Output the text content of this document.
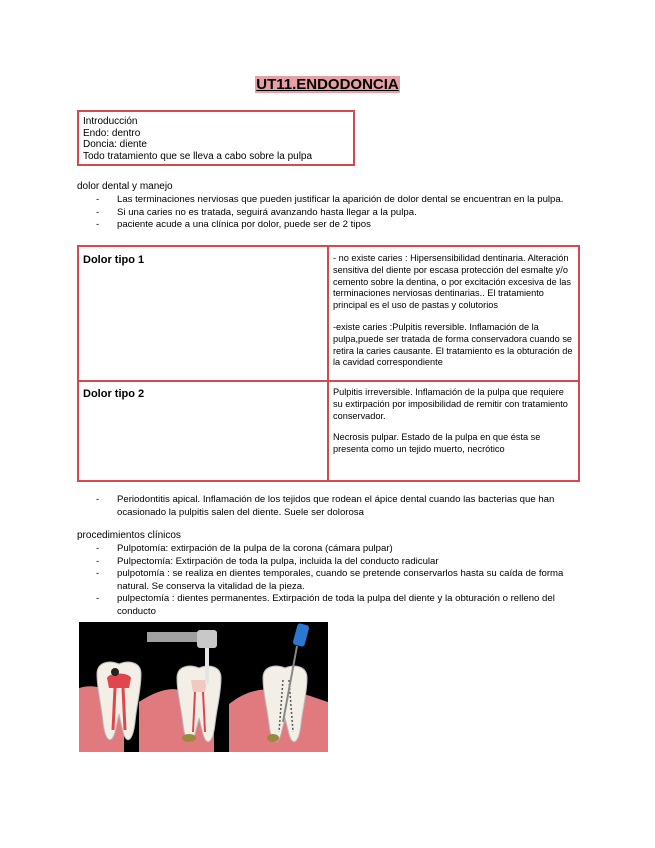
UT11.ENDODONCIA
Introducción
Endo: dentro
Doncia: diente
Todo tratamiento que se lleva a cabo sobre la pulpa
dolor dental y manejo
- Las terminaciones nerviosas que pueden justificar la aparición de dolor dental se encuentran en la pulpa.
- Si una caries no es tratada, seguirá avanzando hasta llegar a la pulpa.
- paciente acude a una clínica por dolor, puede ser de 2 tipos
Dolor tipo 1	- no existe caries : Hipersensibilidad dentinaria. Alteración sensitiva del diente por escasa protección del esmalte y/o cemento sobre la dentina, o por excitación excesiva de las terminaciones nerviosas dentinarias.. El tratamiento principal es el uso de pastas y colutorios

-existe caries :Pulpitis reversible. Inflamación de la pulpa,puede ser tratada de forma conservadora cuando se retira la caries causante. El tratamiento es la obturación de la cavidad correspondiente

Dolor tipo 2	Pulpitis irreversible. Inflamación de la pulpa que requiere su extirpación por imposibilidad de remitir con tratamiento conservador.

Necrosis pulpar. Estado de la pulpa en que ésta se presenta como un tejido muerto, necrótico

- Periodontitis apical. Inflamación de los tejidos que rodean el ápice dental cuando las bacterias que han ocasionado la pulpitis salen del diente. Suele ser dolorosa
procedimientos clínicos
- Pulpotomía: extirpación de la pulpa de la corona (cámara pulpar)
- Pulpectomía: Extirpación de toda la pulpa, incluida la del conducto radicular
- pulpotomía : se realiza en dientes temporales, cuando se pretende conservarlos hasta su caída de forma natural. Se conserva la vitalidad de la pieza.
- pulpectomía : dientes permanentes. Extirpación de toda la pulpa del diente y la obturación o relleno del conducto
